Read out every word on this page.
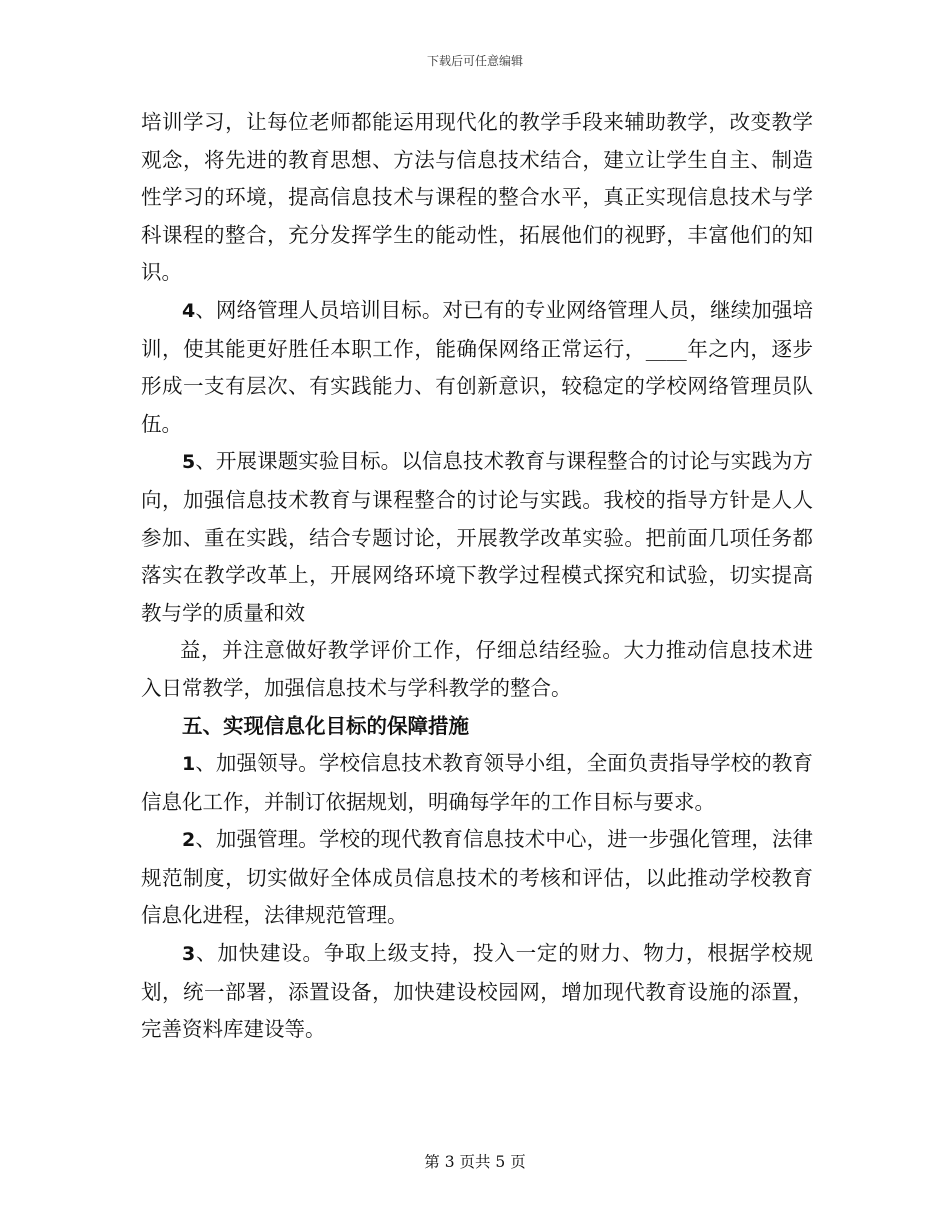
下载后可任意编辑

培训学习，让每位老师都能运用现代化的教学手段来辅助教学，改变教学观念，将先进的教育思想、方法与信息技术结合，建立让学生自主、制造性学习的环境，提高信息技术与课程的整合水平，真正实现信息技术与学科课程的整合，充分发挥学生的能动性，拓展他们的视野，丰富他们的知识。

4、网络管理人员培训目标。对已有的专业网络管理人员，继续加强培训，使其能更好胜任本职工作，能确保网络正常运行，____年之内，逐步形成一支有层次、有实践能力、有创新意识，较稳定的学校网络管理员队伍。

5、开展课题实验目标。以信息技术教育与课程整合的讨论与实践为方向，加强信息技术教育与课程整合的讨论与实践。我校的指导方针是人人参加、重在实践，结合专题讨论，开展教学改革实验。把前面几项任务都落实在教学改革上，开展网络环境下教学过程模式探究和试验，切实提高教与学的质量和效

益，并注意做好教学评价工作，仔细总结经验。大力推动信息技术进入日常教学，加强信息技术与学科教学的整合。

五、实现信息化目标的保障措施

1、加强领导。学校信息技术教育领导小组，全面负责指导学校的教育信息化工作，并制订依据规划，明确每学年的工作目标与要求。

2、加强管理。学校的现代教育信息技术中心，进一步强化管理，法律规范制度，切实做好全体成员信息技术的考核和评估，以此推动学校教育信息化进程，法律规范管理。

3、加快建设。争取上级支持，投入一定的财力、物力，根据学校规划，统一部署，添置设备，加快建设校园网，增加现代教育设施的添置，完善资料库建设等。

第 3 页共 5 页
